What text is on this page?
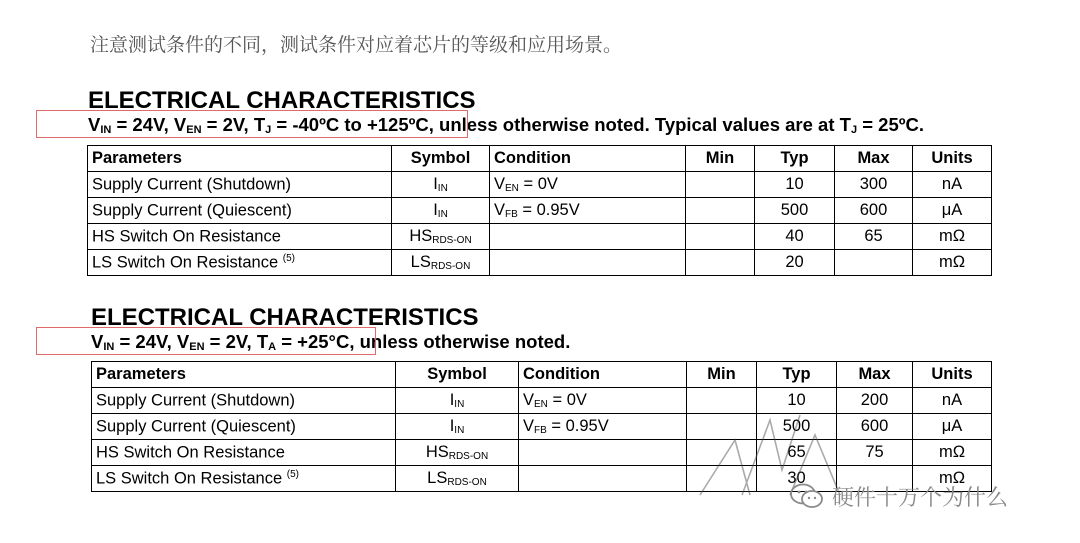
注意测试条件的不同，测试条件对应着芯片的等级和应用场景。
ELECTRICAL CHARACTERISTICS
$V_{IN} = 24V$, $V_{EN} = 2V$, $T_J$ = -40ºC to +125ºC, unless otherwise noted. Typical values are at $T_J$ = 25ºC.
Parameters	Symbol	Condition	Min	Typ	Max	Units
Supply Current (Shutdown)	$I_{IN}$	$V_{EN} = 0V$		10	300	nA
Supply Current (Quiescent)	$I_{IN}$	$V_{FB} = 0.95V$		500	600	μA
HS Switch On Resistance	$HS_{RDS-ON}$			40	65	mΩ
LS Switch On Resistance $^{(5)}$	$LS_{RDS-ON}$			20		mΩ
ELECTRICAL CHARACTERISTICS
$V_{IN} = 24V$, $V_{EN} = 2V$, $T_A = +25^\circ C$, unless otherwise noted.
Parameters	Symbol	Condition	Min	Typ	Max	Units
Supply Current (Shutdown)	$I_{IN}$	$V_{EN} = 0V$		10	200	nA
Supply Current (Quiescent)	$I_{IN}$	$V_{FB} = 0.95V$		500	600	μA
HS Switch On Resistance	$HS_{RDS-ON}$			65	75	mΩ
LS Switch On Resistance $^{(5)}$	$LS_{RDS-ON}$			30		mΩ
硬件十万个为什么
